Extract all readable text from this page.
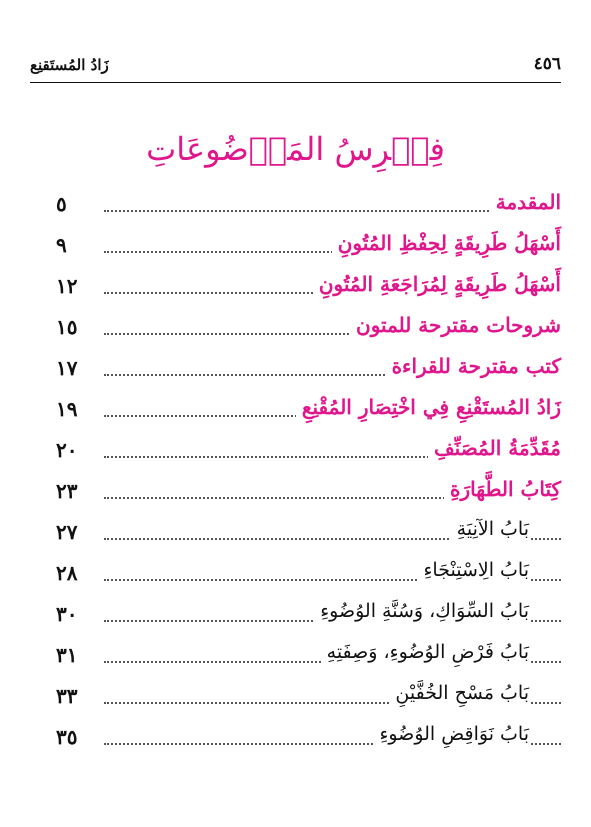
زَادُ المُستَقنِع	٤٥٦
فِهۡرِسُ المَوۡضُوعَاتِ
٥	المقدمة
٩	أَسْهَلُ طَرِيقَةٍ لِحِفْظِ المُتُونِ
١٢	أَسْهَلُ طَرِيقَةٍ لِمُرَاجَعَةِ المُتُونِ
١٥	شروحات مقترحة للمتون
١٧	كتب مقترحة للقراءة
١٩	زَادُ المُستَقْنِعِ فِي اخْتِصَارِ المُقْنِعِ
٢٠	مُقَدِّمَةُ المُصَنِّفِ
٢٣	كِتَابُ الطَّهَارَةِ
٢٧	بَابُ الآنِيَةِ
٢٨	بَابُ الِاسْتِنْجَاءِ
٣٠	بَابُ السِّوَاكِ، وَسُنَّةِ الوُضُوءِ
٣١	بَابُ فَرْضِ الوُضُوءِ، وَصِفَتِهِ
٣٣	بَابُ مَسْحِ الخُفَّيْنِ
٣٥	بَابُ نَوَاقِضِ الوُضُوءِ
